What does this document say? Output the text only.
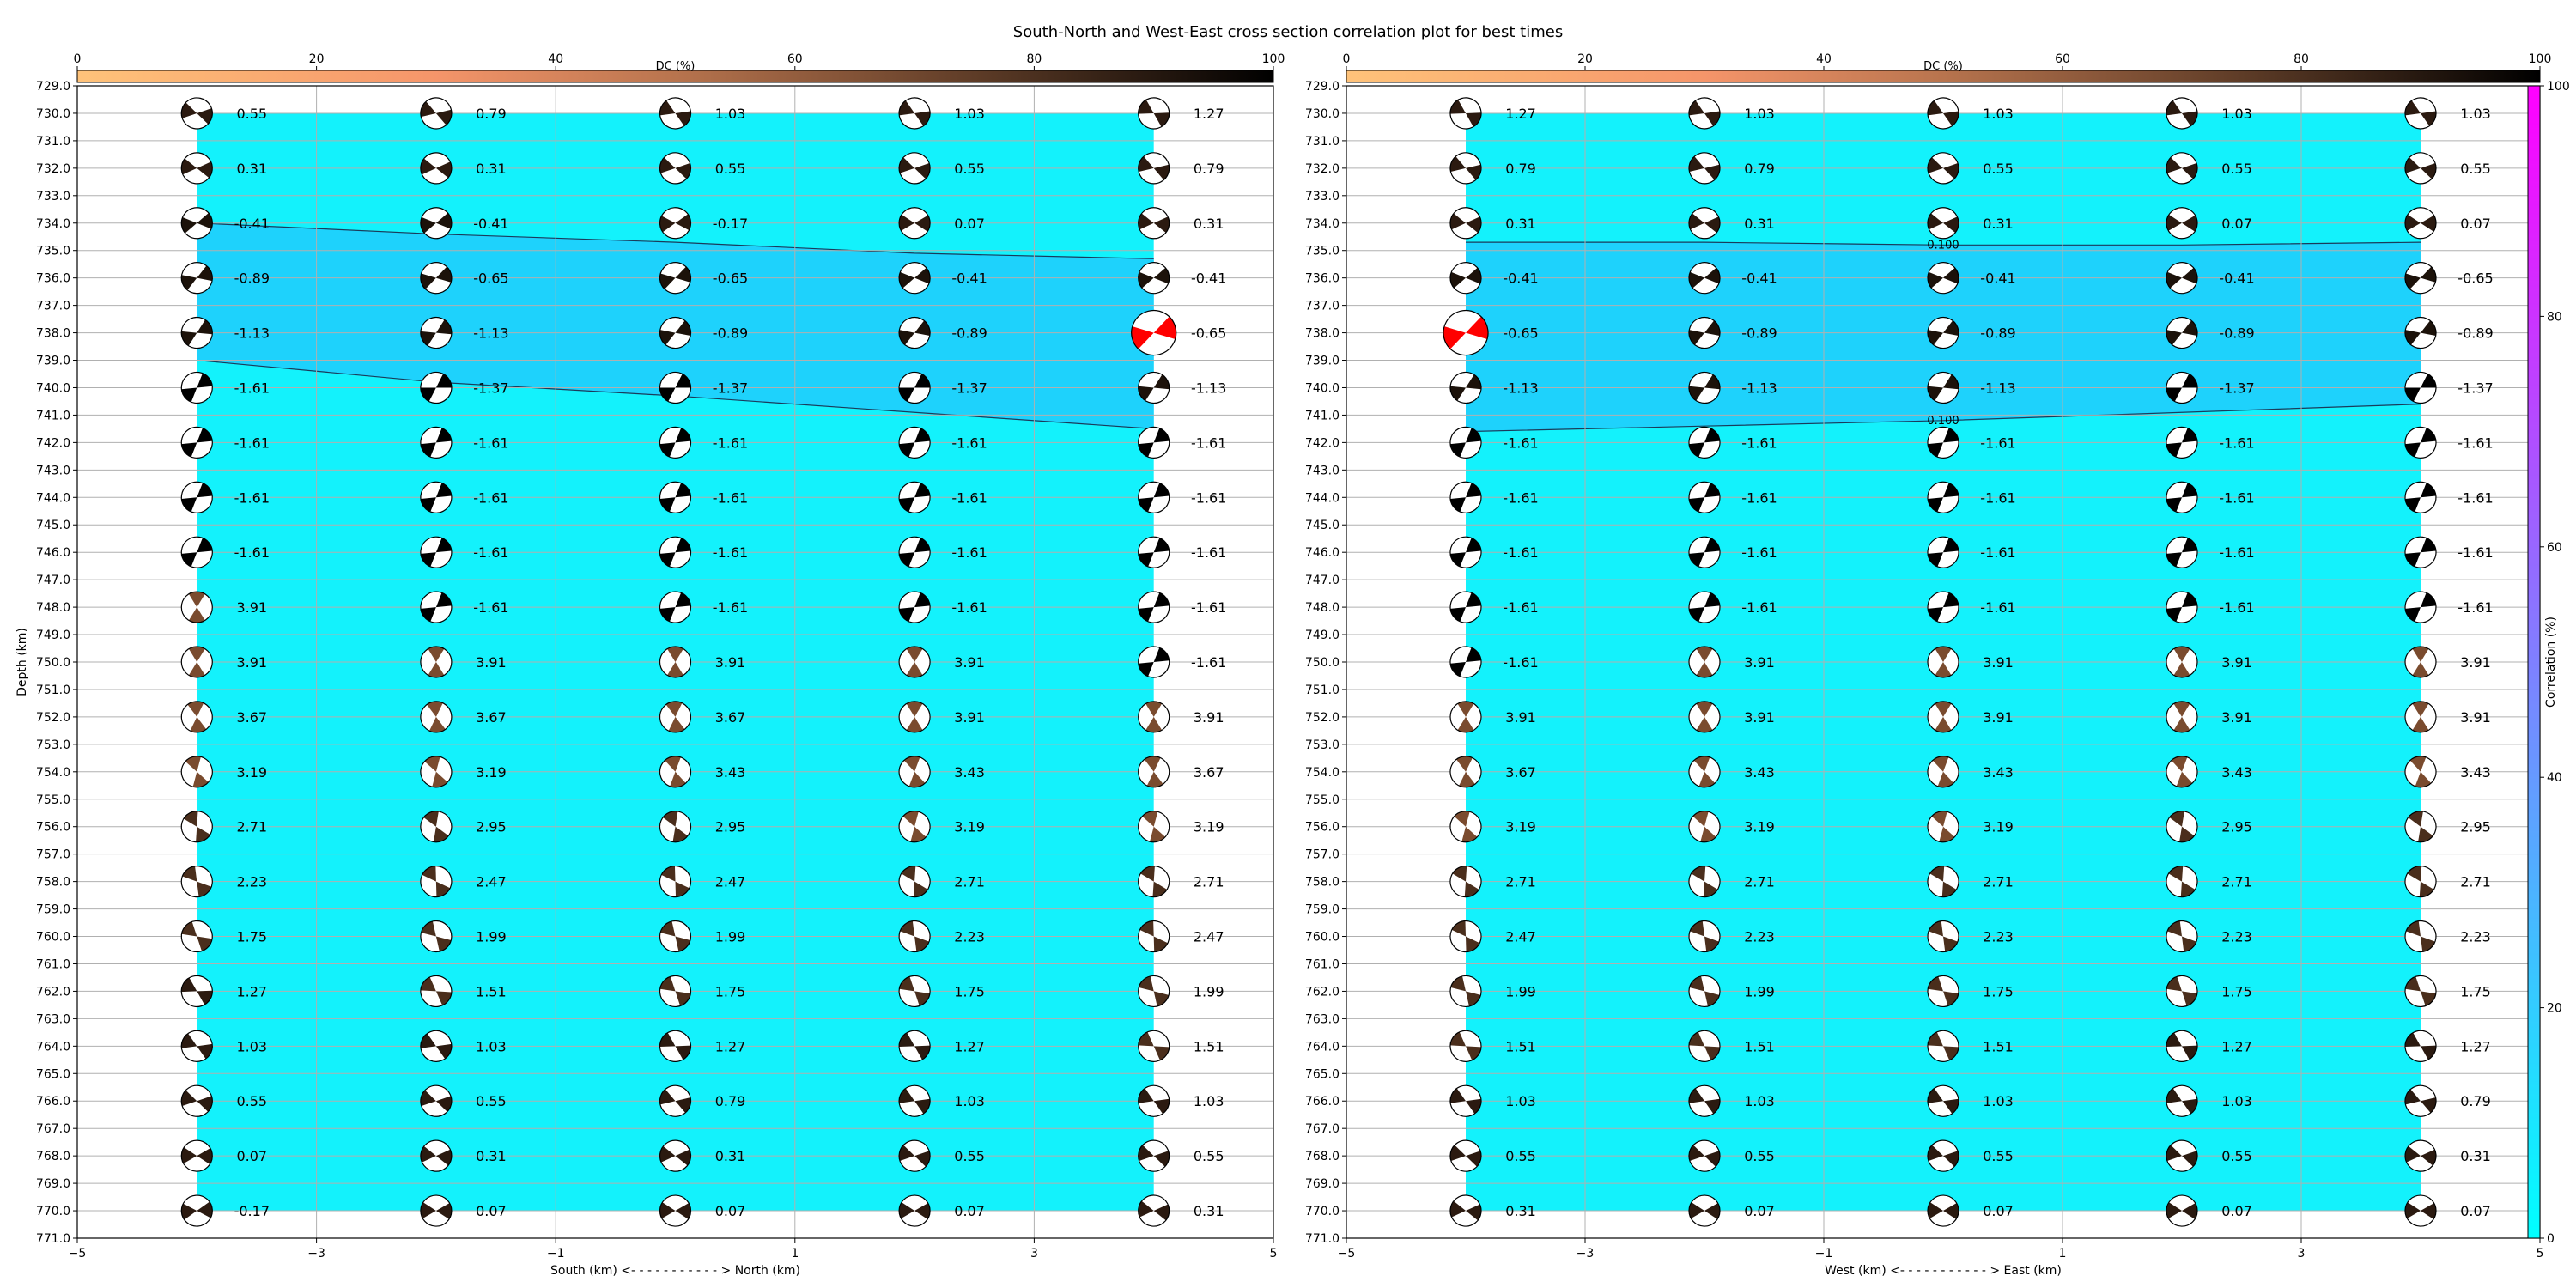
South-North and West-East cross section correlation plot for best times
729.0
730.0
731.0
732.0
733.0
734.0
735.0
736.0
737.0
738.0
739.0
740.0
741.0
742.0
743.0
744.0
745.0
746.0
747.0
748.0
749.0
750.0
751.0
752.0
753.0
754.0
755.0
756.0
757.0
758.0
759.0
760.0
761.0
762.0
763.0
764.0
765.0
766.0
767.0
768.0
769.0
770.0
771.0
−5	−3	−1	1	3	5
0.55	0.79	1.03	1.03	1.27
0.31	0.31	0.55	0.55	0.79
-0.41	-0.41	-0.17	0.07	0.31
-0.89	-0.65	-0.65	-0.41	-0.41
-1.13	-1.13	-0.89	-0.89	-0.65
-1.61	-1.37	-1.37	-1.37	-1.13
-1.61	-1.61	-1.61	-1.61	-1.61
-1.61	-1.61	-1.61	-1.61	-1.61
-1.61	-1.61	-1.61	-1.61	-1.61
3.91	-1.61	-1.61	-1.61	-1.61
3.91	3.91	3.91	3.91	-1.61
3.67	3.67	3.67	3.91	3.91
3.19	3.19	3.43	3.43	3.67
2.71	2.95	2.95	3.19	3.19
2.23	2.47	2.47	2.71	2.71
1.75	1.99	1.99	2.23	2.47
1.27	1.51	1.75	1.75	1.99
1.03	1.03	1.27	1.27	1.51
0.55	0.55	0.79	1.03	1.03
0.07	0.31	0.31	0.55	0.55
-0.17	0.07	0.07	0.07	0.31
0	20	40	60	80	100
DC (%)
South (km) <- - - - - - - - - - - > North (km)
Depth (km)
0.100
0.100
729.0
730.0
731.0
732.0
733.0
734.0
735.0
736.0
737.0
738.0
739.0
740.0
741.0
742.0
743.0
744.0
745.0
746.0
747.0
748.0
749.0
750.0
751.0
752.0
753.0
754.0
755.0
756.0
757.0
758.0
759.0
760.0
761.0
762.0
763.0
764.0
765.0
766.0
767.0
768.0
769.0
770.0
771.0
−5	−3	−1	1	3	5
1.27	1.03	1.03	1.03	1.03
0.79	0.79	0.55	0.55	0.55
0.31	0.31	0.31	0.07	0.07
-0.41	-0.41	-0.41	-0.41	-0.65
-0.65	-0.89	-0.89	-0.89	-0.89
-1.13	-1.13	-1.13	-1.37	-1.37
-1.61	-1.61	-1.61	-1.61	-1.61
-1.61	-1.61	-1.61	-1.61	-1.61
-1.61	-1.61	-1.61	-1.61	-1.61
-1.61	-1.61	-1.61	-1.61	-1.61
-1.61	3.91	3.91	3.91	3.91
3.91	3.91	3.91	3.91	3.91
3.67	3.43	3.43	3.43	3.43
3.19	3.19	3.19	2.95	2.95
2.71	2.71	2.71	2.71	2.71
2.47	2.23	2.23	2.23	2.23
1.99	1.99	1.75	1.75	1.75
1.51	1.51	1.51	1.27	1.27
1.03	1.03	1.03	1.03	0.79
0.55	0.55	0.55	0.55	0.31
0.31	0.07	0.07	0.07	0.07
0	20	40	60	80	100
DC (%)
West (km) <- - - - - - - - - - - > East (km)
0
20
40
60
80
100
Correlation (%)
